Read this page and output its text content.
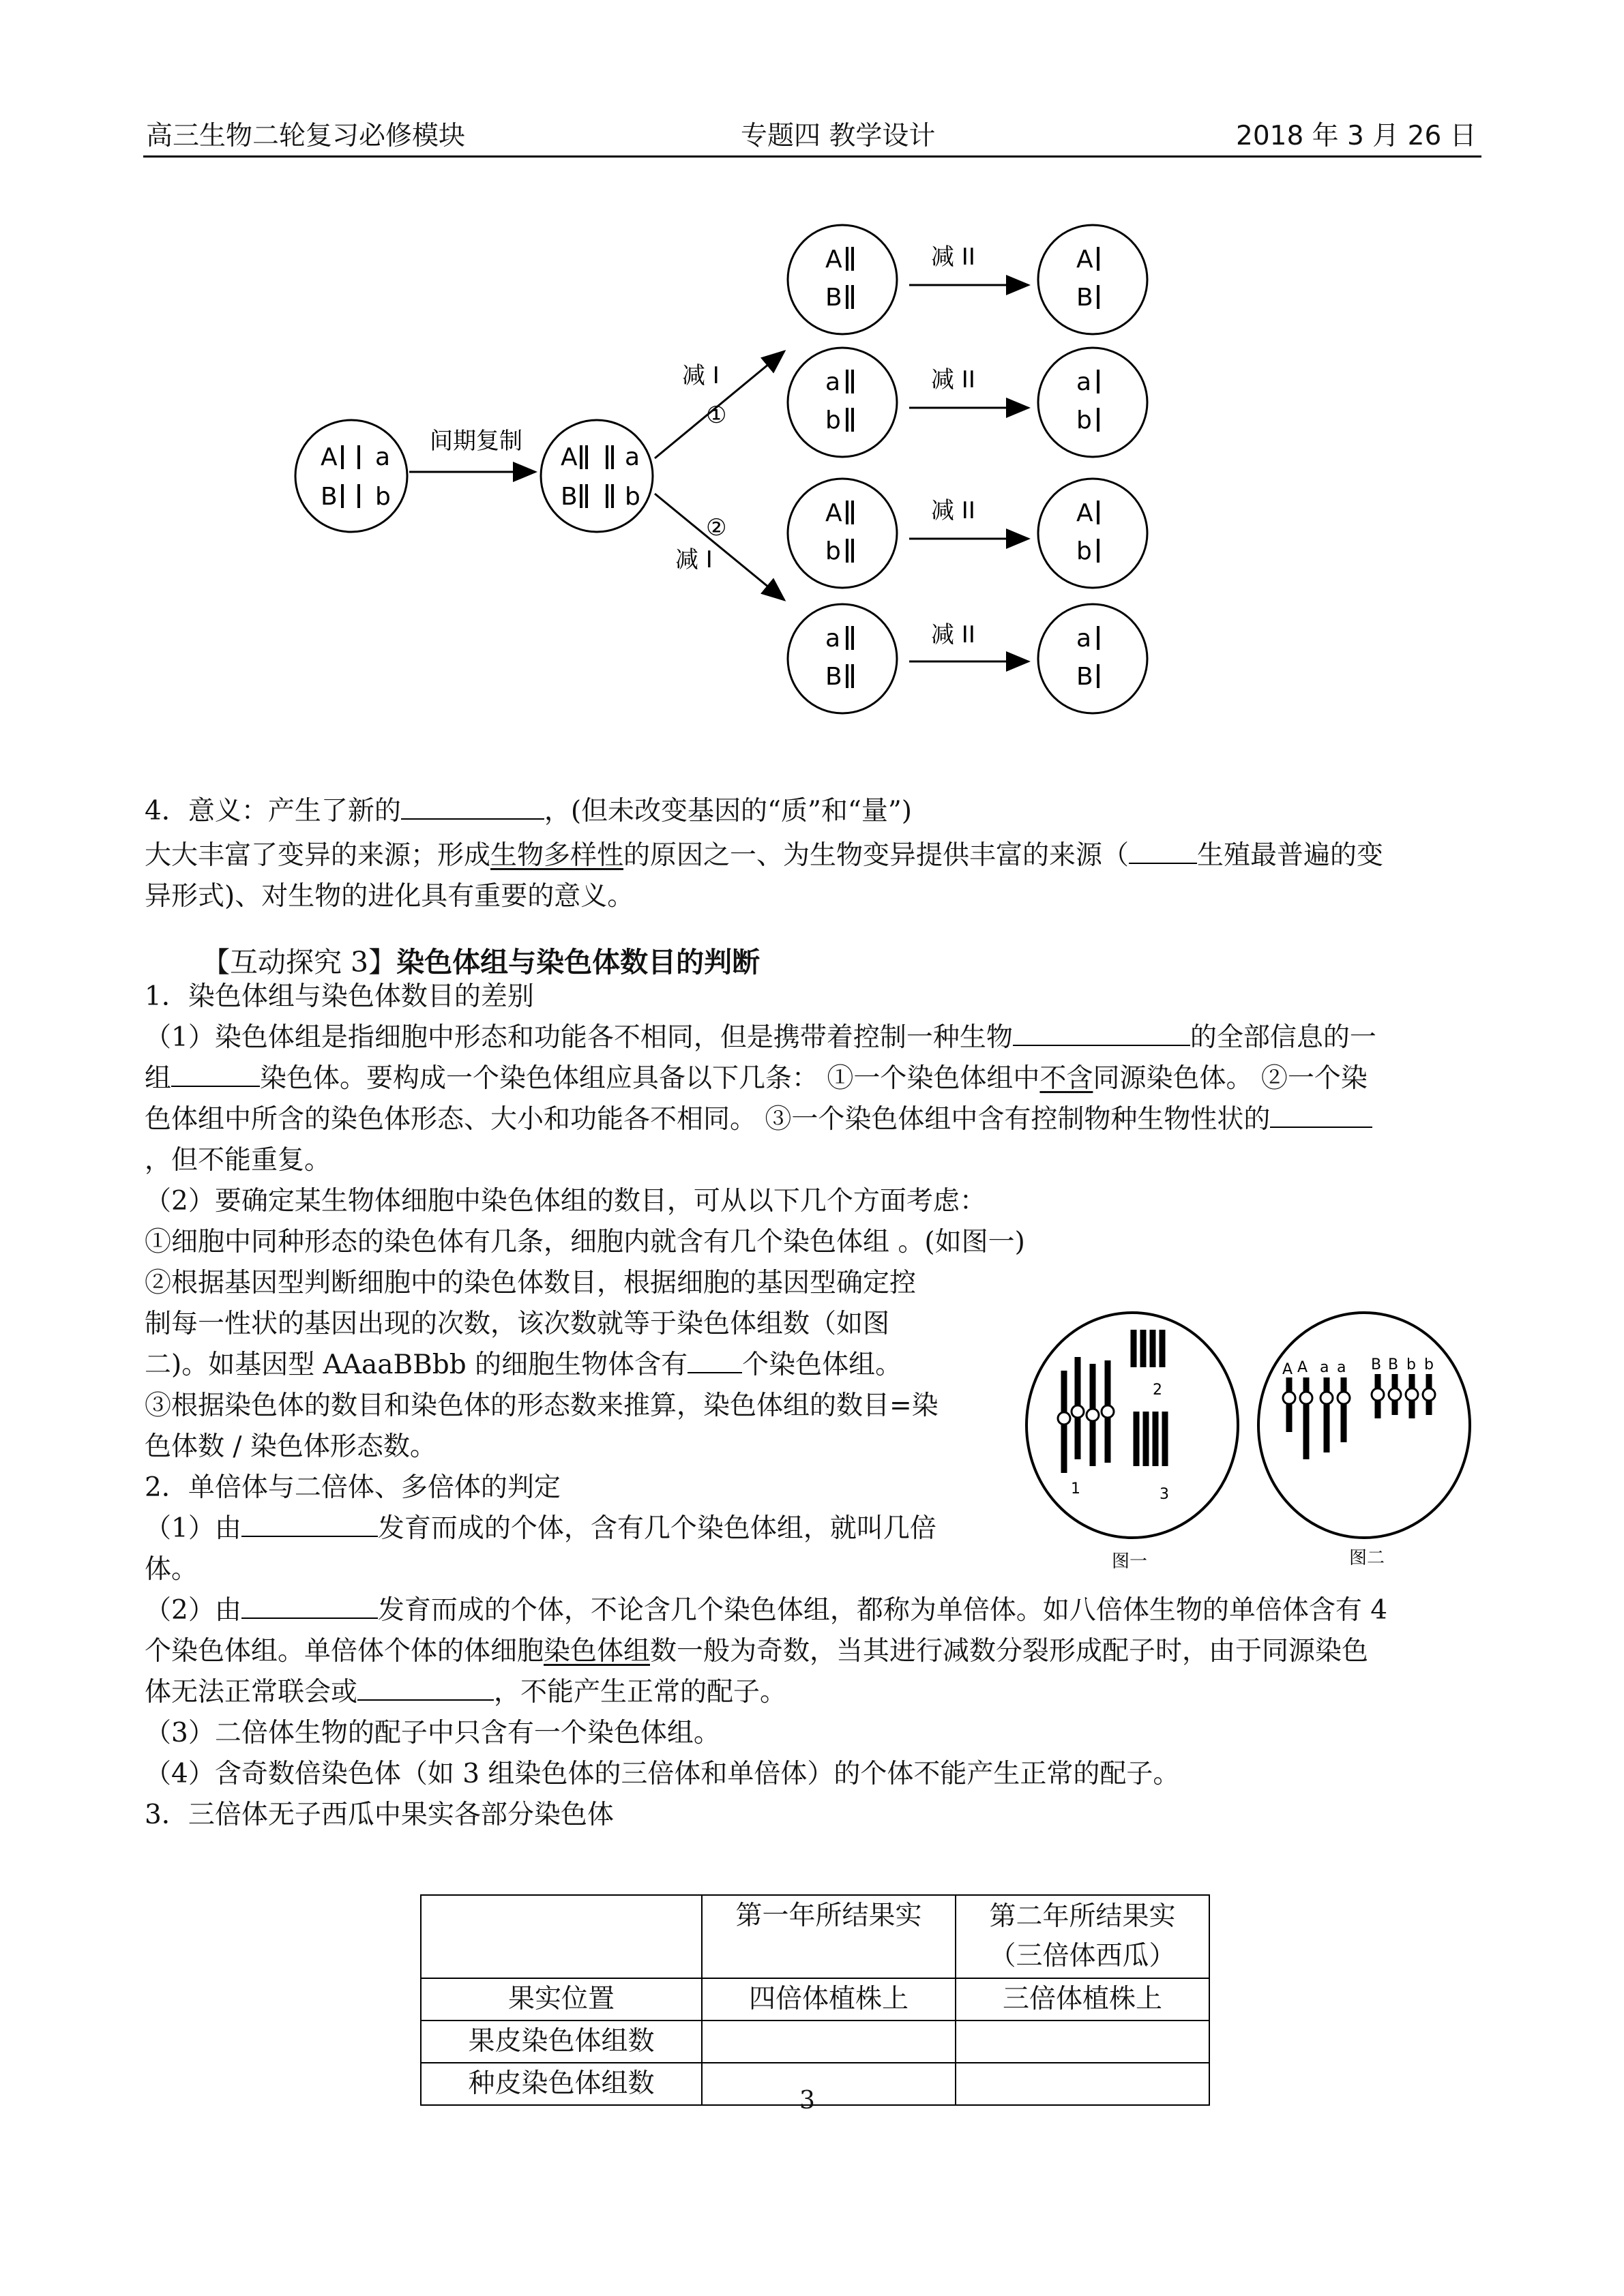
高三生物二轮复习必修模块	专题四 教学设计	2018 年 3 月 26 日
间期复制
减 I
①
②
减 I
减 II
减 II
减 II
减 II
A a
B b
A a
B b
A
B
a
b
A
b
a
B
A
B
a
b
A
b
a
B
4．意义：产生了新的	，(但未改变基因的“质”和“量”)
大大丰富了变异的来源；形成生物多样性的原因之一、为生物变异提供丰富的来源（	生殖最普遍的变
异形式)、对生物的进化具有重要的意义。
【互动探究 3】染色体组与染色体数目的判断
1．染色体组与染色体数目的差别
（1）染色体组是指细胞中形态和功能各不相同，但是携带着控制一种生物	的全部信息的一
组	染色体。要构成一个染色体组应具备以下几条： ①一个染色体组中不含同源染色体。 ②一个染
色体组中所含的染色体形态、大小和功能各不相同。 ③一个染色体组中含有控制物种生物性状的
，但不能重复。
（2）要确定某生物体细胞中染色体组的数目，可从以下几个方面考虑：
①细胞中同种形态的染色体有几条，细胞内就含有几个染色体组 。(如图一)
②根据基因型判断细胞中的染色体数目，根据细胞的基因型确定控
制每一性状的基因出现的次数，该次数就等于染色体组数（如图
二)。如基因型 AAaaBBbb 的细胞生物体含有 个染色体组。
③根据染色体的数目和染色体的形态数来推算，染色体组的数目=染
色体数 / 染色体形态数。
2．单倍体与二倍体、多倍体的判定
（1）由	发育而成的个体，含有几个染色体组，就叫几倍
体。
（2）由	发育而成的个体，不论含几个染色体组，都称为单倍体。如八倍体生物的单倍体含有 4
个染色体组。单倍体个体的体细胞染色体组数一般为奇数，当其进行减数分裂形成配子时，由于同源染色
体无法正常联会或	，不能产生正常的配子。
（3）二倍体生物的配子中只含有一个染色体组。
（4）含奇数倍染色体（如 3 组染色体的三倍体和单倍体）的个体不能产生正常的配子。
3．三倍体无子西瓜中果实各部分染色体
2
1	3
A A a a B B b b
图一	图二
	第一年所结果实	第二年所结果实
（三倍体西瓜）

果实位置	四倍体植株上	三倍体植株上
果皮染色体组数		
种皮染色体组数		
3
